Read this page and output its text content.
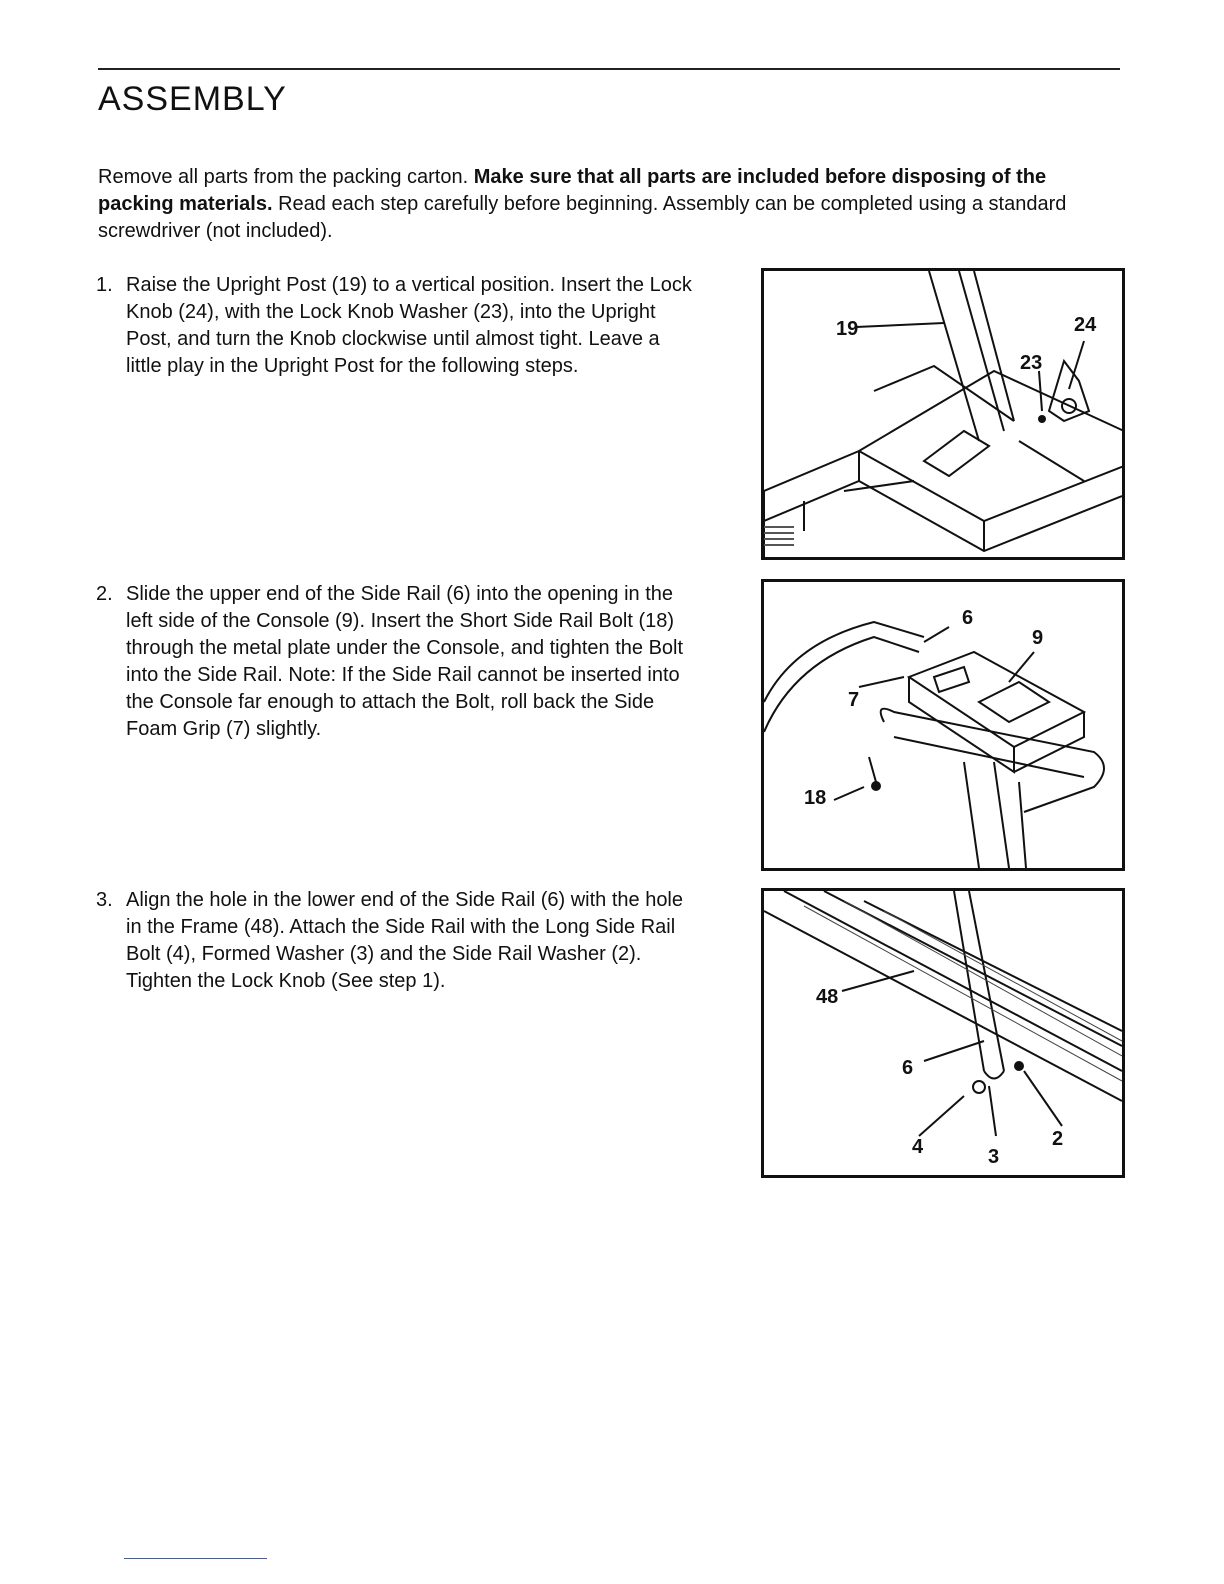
ASSEMBLY

Remove all parts from the packing carton. Make sure that all parts are included before disposing of the packing materials. Read each step carefully before beginning. Assembly can be completed using a standard screwdriver (not included).

1. Raise the Upright Post (19) to a vertical position. Insert the Lock Knob (24), with the Lock Knob Washer (23), into the Upright Post, and turn the Knob clockwise until almost tight. Leave a little play in the Upright Post for the following steps.
19	24
23
2. Slide the upper end of the Side Rail (6) into the opening in the left side of the Console (9). Insert the Short Side Rail Bolt (18) through the metal plate under the Console, and tighten the Bolt into the Side Rail. Note: If the Side Rail cannot be inserted into the Console far enough to attach the Bolt, roll back the Side Foam Grip (7) slightly.
6
9
7
18
3. Align the hole in the lower end of the Side Rail (6) with the hole in the Frame (48). Attach the Side Rail with the Long Side Rail Bolt (4), Formed Washer (3) and the Side Rail Washer (2). Tighten the Lock Knob (See step 1).
48
6
4	3
2
